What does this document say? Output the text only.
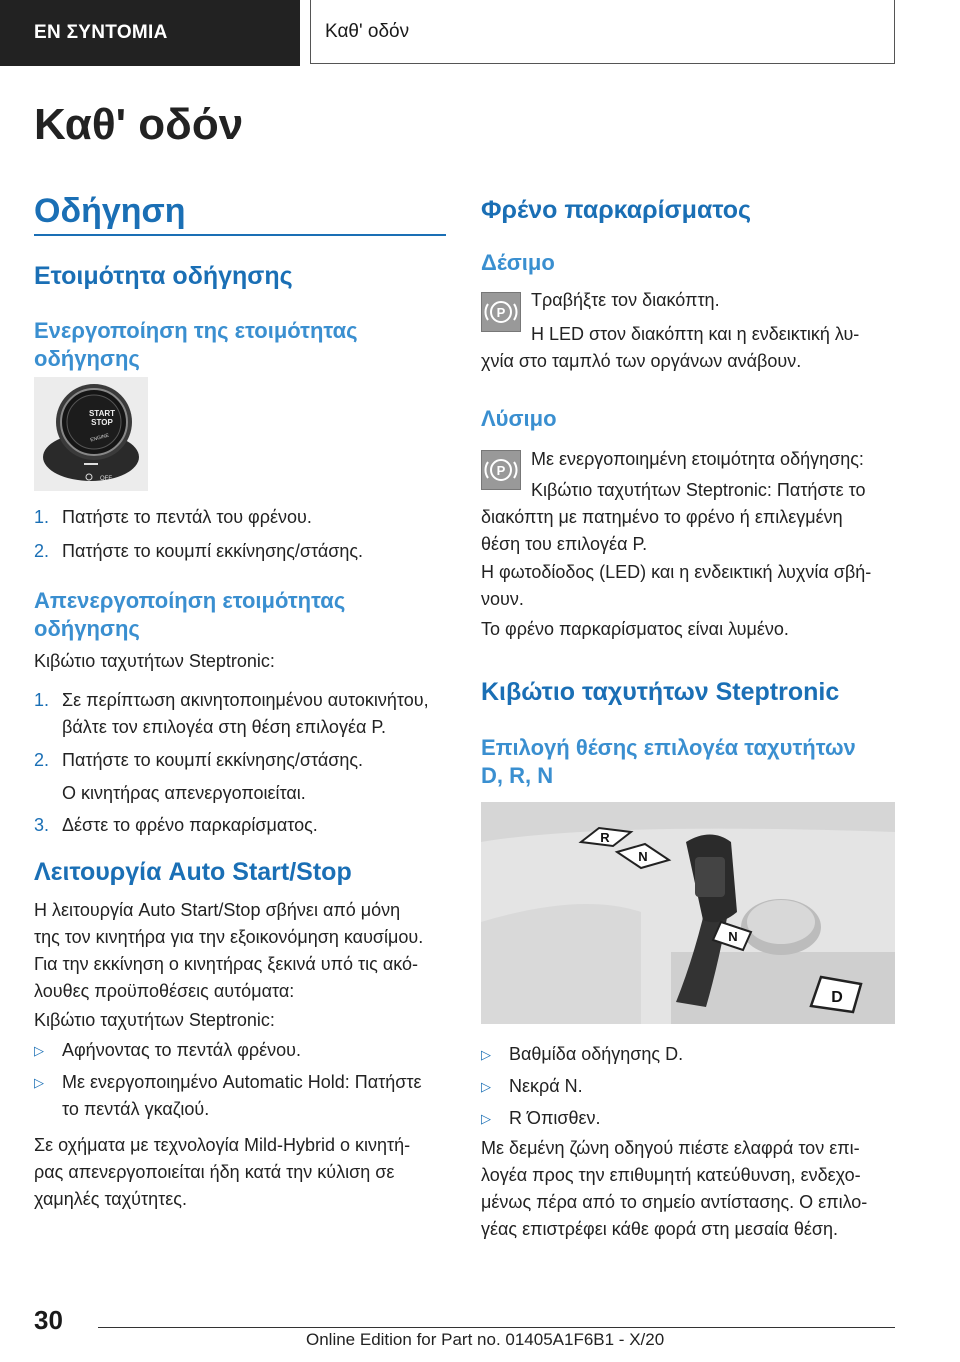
ΕΝ ΣΥΝΤΟΜΙΑ	Καθ' οδόν
Καθ' οδόν
Οδήγηση
Ετοιμότητα οδήγησης
Ενεργοποίηση της ετοιμότητας
οδήγησης
START
STOP
ENGINE
OFF
1. Πατήστε το πεντάλ του φρένου.
2. Πατήστε το κουμπί εκκίνησης/στάσης.
Απενεργοποίηση ετοιμότητας
οδήγησης
Κιβώτιο ταχυτήτων Steptronic:
1. Σε περίπτωση ακινητοποιημένου αυτοκινήτου,
βάλτε τον επιλογέα στη θέση επιλογέα P.
2. Πατήστε το κουμπί εκκίνησης/στάσης.
Ο κινητήρας απενεργοποιείται.
3. Δέστε το φρένο παρκαρίσματος.
Λειτουργία Auto Start/Stop
Η λειτουργία Auto Start/Stop σβήνει από μόνη
της τον κινητήρα για την εξοικονόμηση καυσίμου.
Για την εκκίνηση ο κινητήρας ξεκινά υπό τις ακό-
λουθες προϋποθέσεις αυτόματα:
Κιβώτιο ταχυτήτων Steptronic:
▷ Αφήνοντας το πεντάλ φρένου.
▷ Με ενεργοποιημένο Automatic Hold: Πατήστε
το πεντάλ γκαζιού.
Σε οχήματα με τεχνολογία Mild-Hybrid ο κινητή-
ρας απενεργοποιείται ήδη κατά την κύλιση σε
χαμηλές ταχύτητες.
Φρένο παρκαρίσματος
Δέσιμο
P
Τραβήξτε τον διακόπτη.
Η LED στον διακόπτη και η ενδεικτική λυ-
χνία στο ταμπλό των οργάνων ανάβουν.
Λύσιμο
P
Με ενεργοποιημένη ετοιμότητα οδήγησης:
Κιβώτιο ταχυτήτων Steptronic: Πατήστε το
διακόπτη με πατημένο το φρένο ή επιλεγμένη
θέση του επιλογέα P.
Η φωτοδίοδος (LED) και η ενδεικτική λυχνία σβή-
νουν.
Το φρένο παρκαρίσματος είναι λυμένο.
Κιβώτιο ταχυτήτων Steptronic
Επιλογή θέσης επιλογέα ταχυτήτων
D, R, N
R
N
N
D
▷ Βαθμίδα οδήγησης D.
▷ Νεκρά N.
▷ R Όπισθεν.
Με δεμένη ζώνη οδηγού πιέστε ελαφρά τον επι-
λογέα προς την επιθυμητή κατεύθυνση, ενδεχο-
μένως πέρα από το σημείο αντίστασης. Ο επιλο-
γέας επιστρέφει κάθε φορά στη μεσαία θέση.
30
Online Edition for Part no. 01405A1F6B1 - X/20
